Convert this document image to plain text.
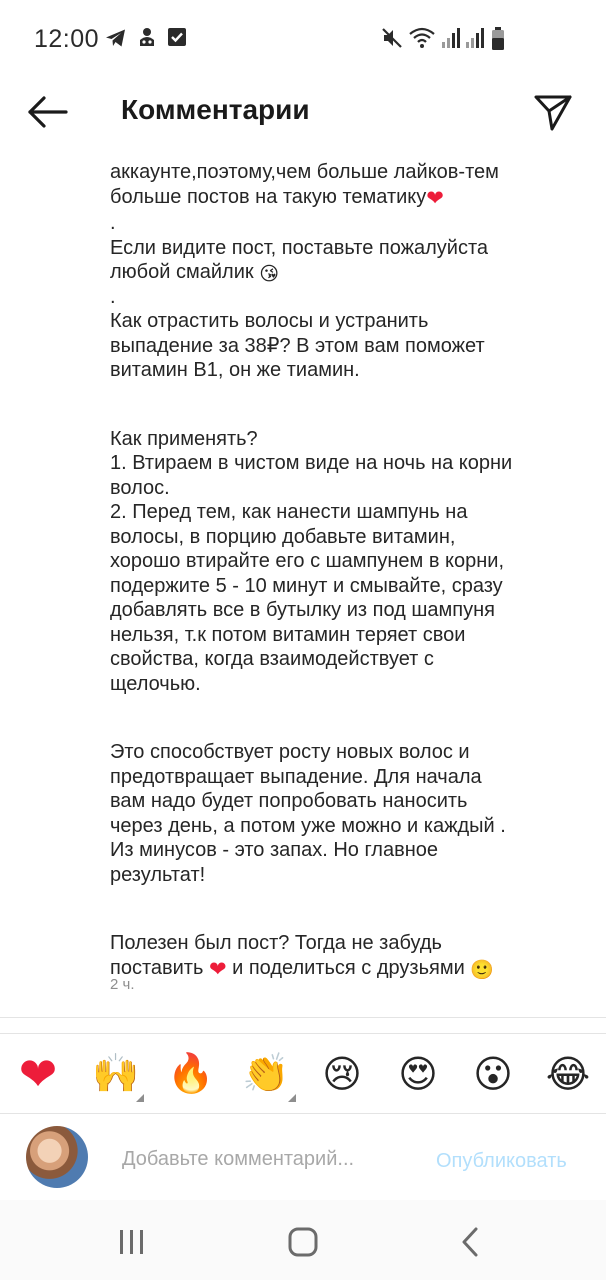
12:00
Комментарии

аккаунте,поэтому,чем больше лайков-тем

больше постов на такую тематику❤

.

Если видите пост, поставьте пожалуйста

любой смайлик 😘

.

Как отрастить волосы и устранить

выпадение за 38₽? В этом вам поможет

витамин B1, он же тиамин.

Как применять?

1. Втираем в чистом виде на ночь на корни

волос.

2. Перед тем, как нанести шампунь на

волосы, в порцию добавьте витамин,

хорошо втирайте его с шампунем в корни,

подержите 5 - 10 минут и смывайте, сразу

добавлять все в бутылку из под шампуня

нельзя, т.к потом витамин теряет свои

свойства, когда взаимодействует с

щелочью.

Это способствует росту новых волос и

предотвращает выпадение. Для начала

вам надо будет попробовать наносить

через день, а потом уже можно и каждый .

Из минусов - это запах. Но главное

результат!

Полезен был пост? Тогда не забудь

поставить ❤ и поделиться с друзьями 🙂

2 ч.
❤ 🙌 🔥 👏 😢 😍 😮 😂
Добавьте комментарий...
Опубликовать
